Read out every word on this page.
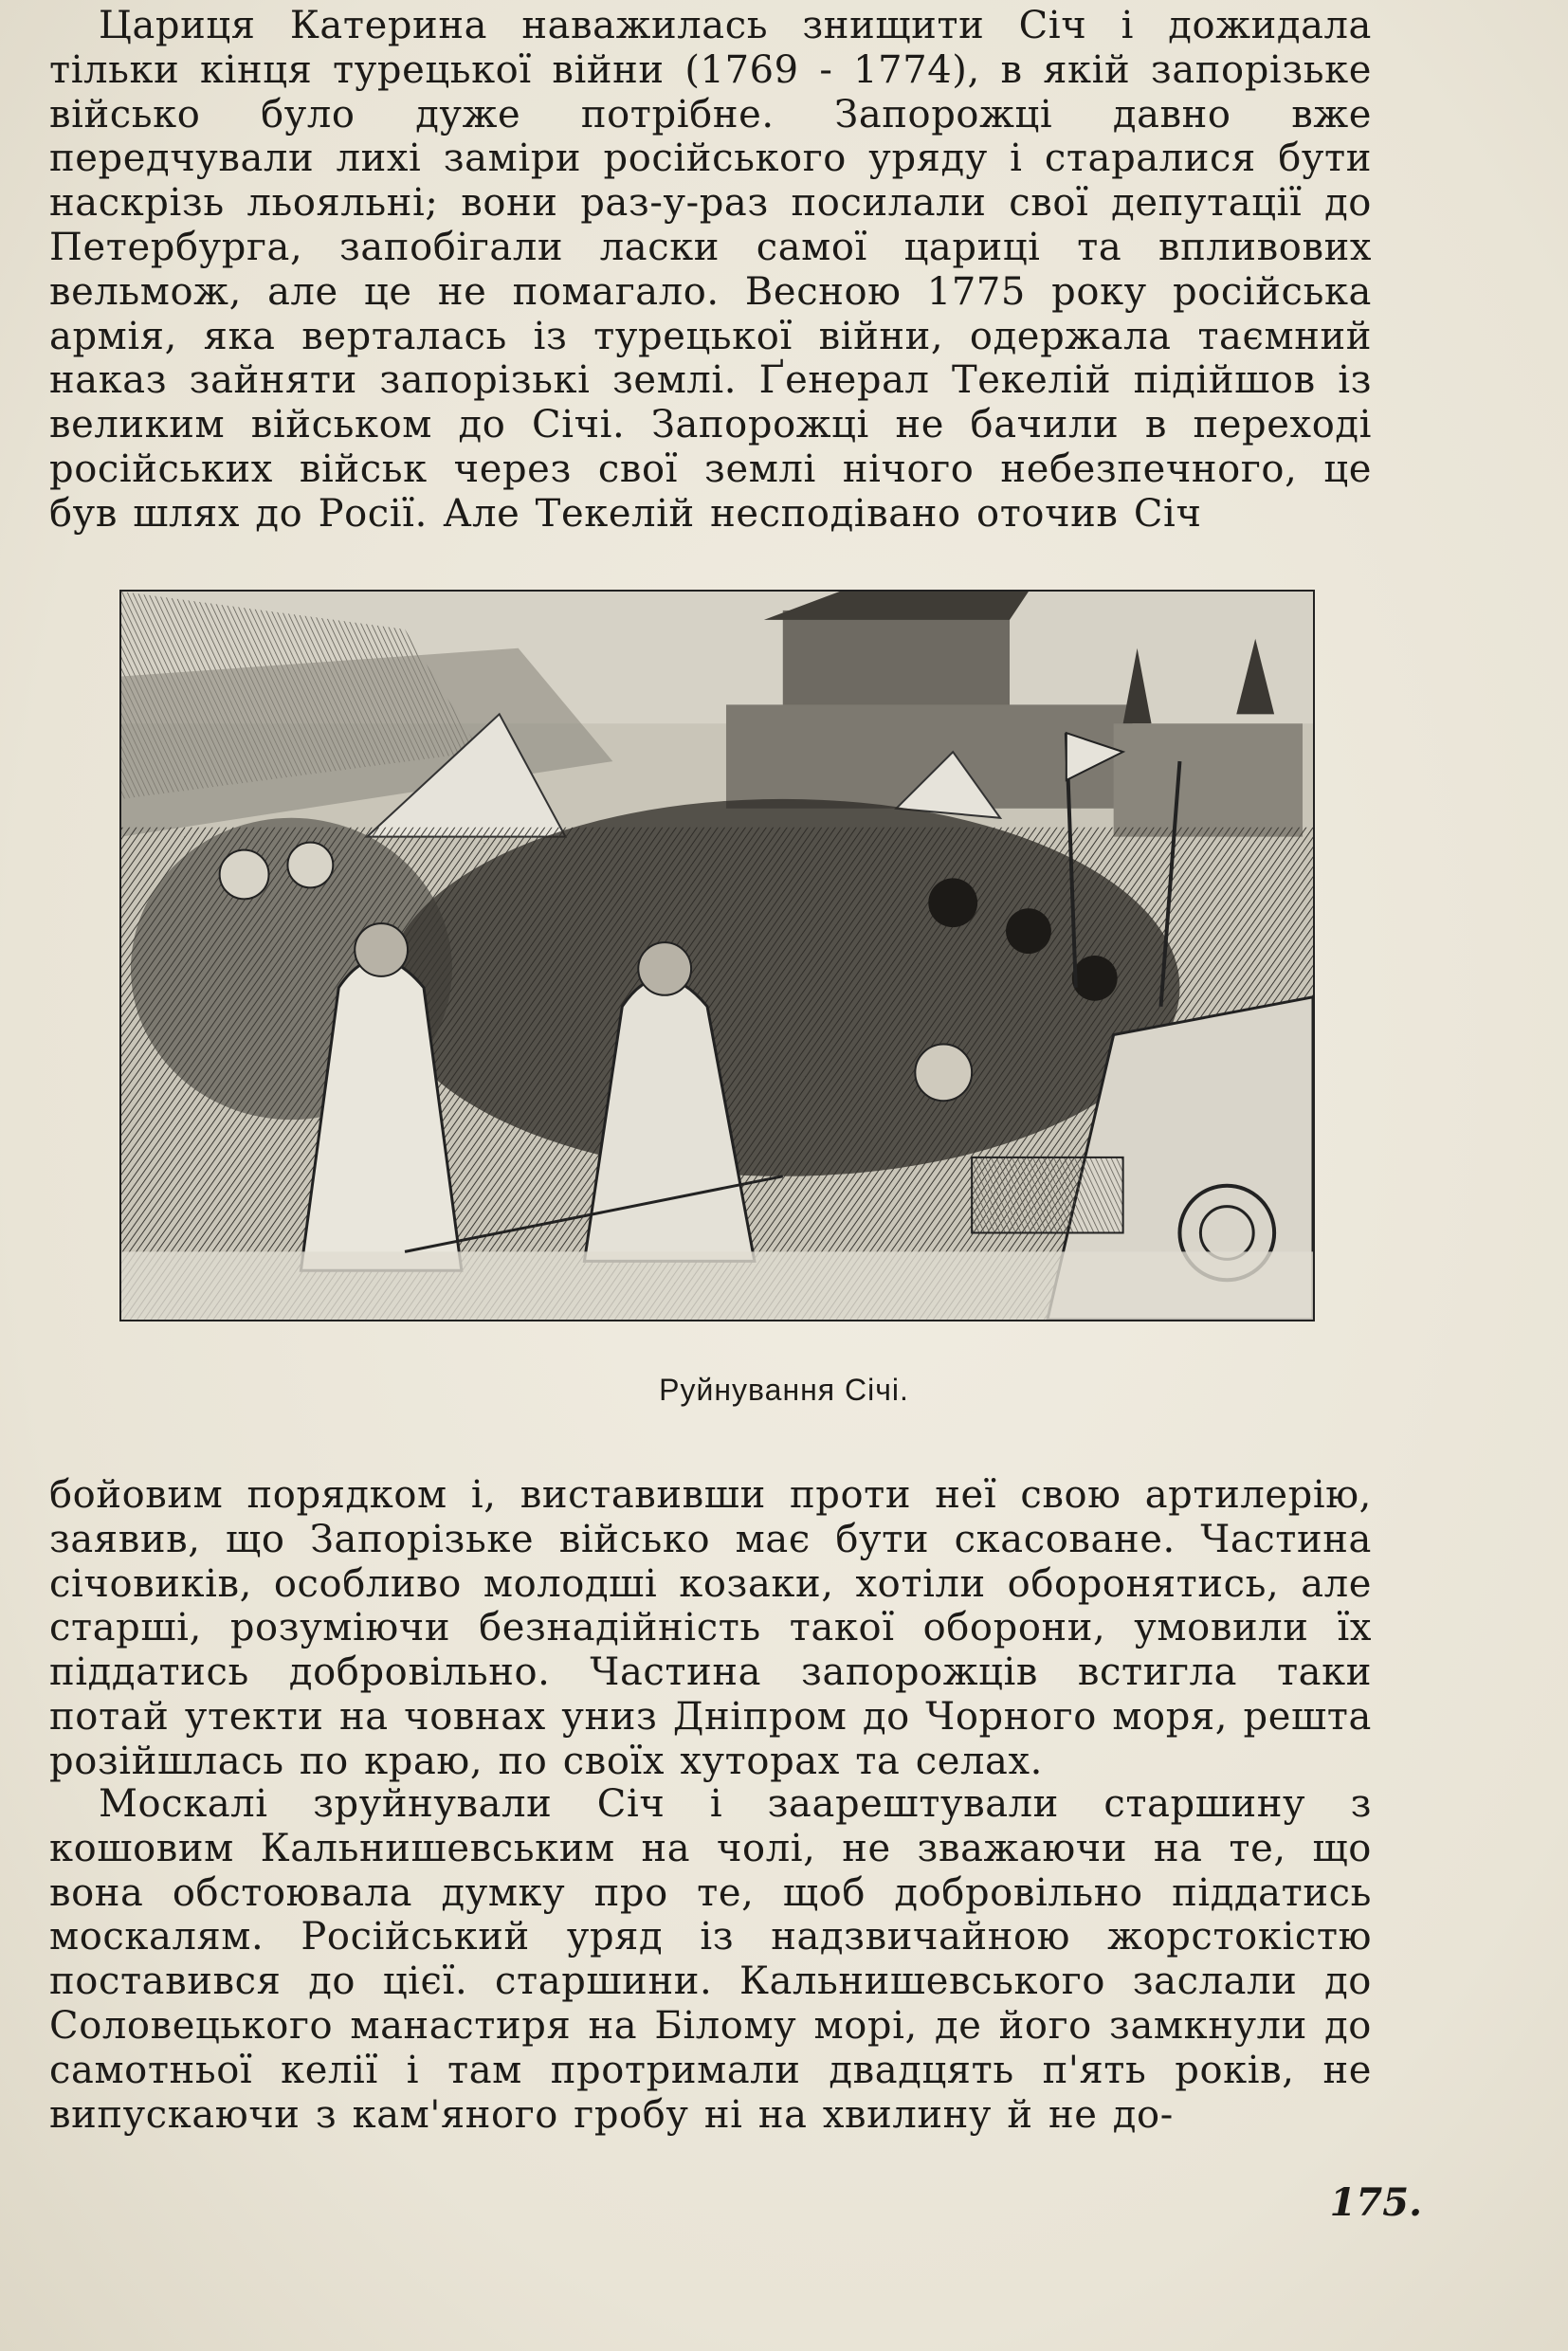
Цариця Катерина наважилась знищити Січ і дожидала тільки кінця турецької війни (1769 - 1774), в якій запорізьке військо було дуже потрібне. Запорожці давно вже передчували лихі заміри російського уряду і старалися бути наскрізь льояльні; вони раз-у-раз посилали свої депутації до Петербурга, запобігали ласки самої цариці та впливових вельмож, але це не помагало. Весною 1775 року російська армія, яка верталась із турецької війни, одержала таємний наказ зайняти запорізькі землі. Ґенерал Текелій підійшов із великим військом до Січі. Запорожці не бачили в переході російських військ через свої землі нічого небезпечного, це був шлях до Росії. Але Текелій несподівано оточив Січ

Руйнування Січі.

бойовим порядком і, виставивши проти неї свою артилерію, заявив, що Запорізьке військо має бути скасоване. Частина січовиків, особливо молодші козаки, хотіли оборонятись, але старші, розуміючи безнадійність такої оборони, умовили їх піддатись добровільно. Частина запорожців встигла таки потай утекти на човнах униз Дніпром до Чорного моря, решта розійшлась по краю, по своїх хуторах та селах.

Москалі зруйнували Січ і заарештували старшину з кошовим Кальнишевським на чолі, не зважаючи на те, що вона обстоювала думку про те, щоб добровільно піддатись москалям. Російський уряд із надзвичайною жорстокістю поставився до цієї. старшини. Кальнишевського заслали до Соловецького манастиря на Білому морі, де його замкнули до самотньої келії і там протримали двадцять п'ять років, не випускаючи з кам'яного гробу ні на хвилину й не до-

175.
